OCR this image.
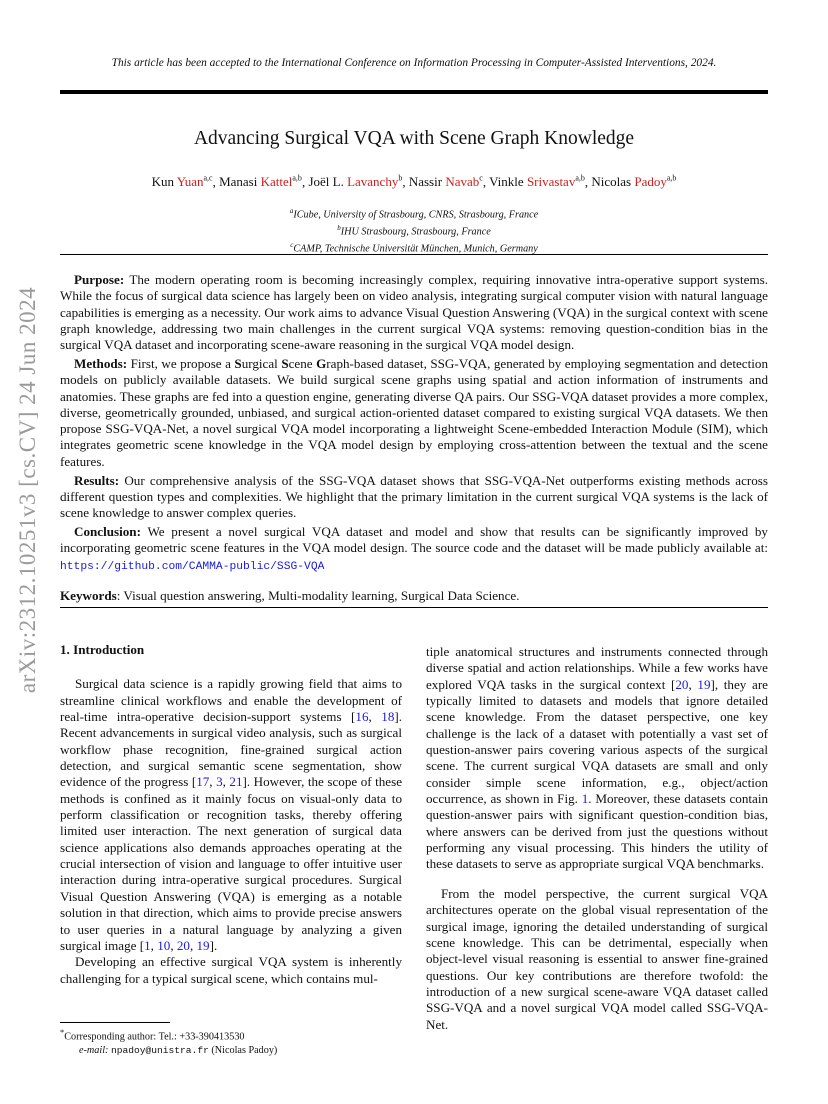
arXiv:2312.10251v3 [cs.CV] 24 Jun 2024
This article has been accepted to the International Conference on Information Processing in Computer-Assisted Interventions, 2024.
Advancing Surgical VQA with Scene Graph Knowledge
Kun Yuan$^{a,c}$, Manasi Kattel$^{a,b}$, Joël L. Lavanchy$^b$, Nassir Navab$^c$, Vinkle Srivastav$^{a,b}$, Nicolas Padoy$^{a,b}$
$^a$ICube, University of Strasbourg, CNRS, Strasbourg, France
$^b$IHU Strasbourg, Strasbourg, France
$^c$CAMP, Technische Universität München, Munich, Germany

Purpose: The modern operating room is becoming increasingly complex, requiring innovative intra-operative support systems. While the focus of surgical data science has largely been on video analysis, integrating surgical computer vision with natural language capabilities is emerging as a necessity. Our work aims to advance Visual Question Answering (VQA) in the surgical context with scene graph knowledge, addressing two main challenges in the current surgical VQA systems: removing question-condition bias in the surgical VQA dataset and incorporating scene-aware reasoning in the surgical VQA model design.

Methods: First, we propose a Surgical Scene Graph-based dataset, SSG-VQA, generated by employing segmentation and detection models on publicly available datasets. We build surgical scene graphs using spatial and action information of instruments and anatomies. These graphs are fed into a question engine, generating diverse QA pairs. Our SSG-VQA dataset provides a more complex, diverse, geometrically grounded, unbiased, and surgical action-oriented dataset compared to existing surgical VQA datasets. We then propose SSG-VQA-Net, a novel surgical VQA model incorporating a lightweight Scene-embedded Interaction Module (SIM), which integrates geometric scene knowledge in the VQA model design by employing cross-attention between the textual and the scene features.

Results: Our comprehensive analysis of the SSG-VQA dataset shows that SSG-VQA-Net outperforms existing methods across different question types and complexities. We highlight that the primary limitation in the current surgical VQA systems is the lack of scene knowledge to answer complex queries.

Conclusion: We present a novel surgical VQA dataset and model and show that results can be significantly improved by incorporating geometric scene features in the VQA model design. The source code and the dataset will be made publicly available at: https://github.com/CAMMA-public/SSG-VQA

Keywords: Visual question answering, Multi-modality learning, Surgical Data Science.
1. Introduction

Surgical data science is a rapidly growing field that aims to streamline clinical workflows and enable the development of real-time intra-operative decision-support systems [16, 18]. Recent advancements in surgical video analysis, such as surgical workflow phase recognition, fine-grained surgical action detection, and surgical semantic scene segmentation, show evidence of the progress [17, 3, 21]. However, the scope of these methods is confined as it mainly focus on visual-only data to perform classification or recognition tasks, thereby offering limited user interaction. The next generation of surgical data science applications also demands approaches operating at the crucial intersection of vision and language to offer intuitive user interaction during intra-operative surgical procedures. Surgical Visual Question Answering (VQA) is emerging as a notable solution in that direction, which aims to provide precise answers to user queries in a natural language by analyzing a given surgical image [1, 10, 20, 19].

Developing an effective surgical VQA system is inherently challenging for a typical surgical scene, which contains mul-

tiple anatomical structures and instruments connected through diverse spatial and action relationships. While a few works have explored VQA tasks in the surgical context [20, 19], they are typically limited to datasets and models that ignore detailed scene knowledge. From the dataset perspective, one key challenge is the lack of a dataset with potentially a vast set of question-answer pairs covering various aspects of the surgical scene. The current surgical VQA datasets are small and only consider simple scene information, e.g., object/action occurrence, as shown in Fig. 1. Moreover, these datasets contain question-answer pairs with significant question-condition bias, where answers can be derived from just the questions without performing any visual processing. This hinders the utility of these datasets to serve as appropriate surgical VQA benchmarks.

From the model perspective, the current surgical VQA architectures operate on the global visual representation of the surgical image, ignoring the detailed understanding of surgical scene knowledge. This can be detrimental, especially when object-level visual reasoning is essential to answer fine-grained questions. Our key contributions are therefore twofold: the introduction of a new surgical scene-aware VQA dataset called SSG-VQA and a novel surgical VQA model called SSG-VQA-Net.

*Corresponding author: Tel.: +33-390413530
e-mail: npadoy@unistra.fr (Nicolas Padoy)
